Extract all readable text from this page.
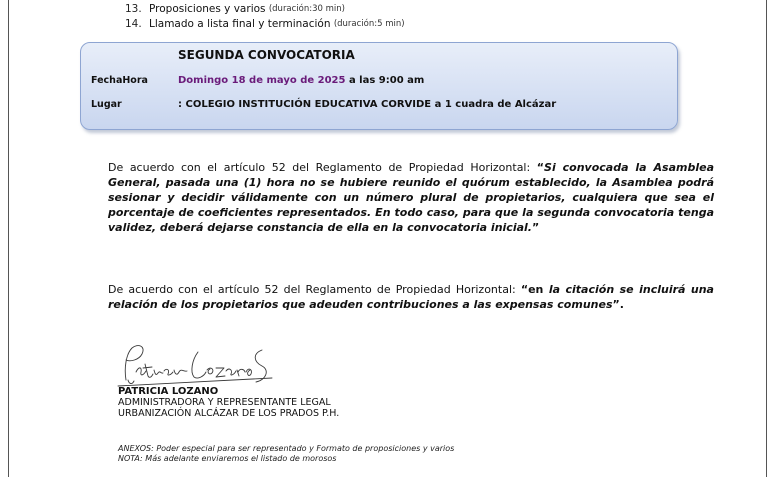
13. Proposiciones y varios
(duración:30 min)
14. Llamado a lista final y terminación
(duración:5 min)
SEGUNDA CONVOCATORIA
FechaHora	Domingo 18 de mayo de 2025 a las 9:00 am
Lugar	: COLEGIO INSTITUCIÓN EDUCATIVA CORVIDE a 1 cuadra de Alcázar
De acuerdo con el artículo 52 del Reglamento de Propiedad Horizontal: “Si convocada la Asamblea General, pasada una (1) hora no se hubiere reunido el quórum establecido, la Asamblea podrá sesionar y decidir válidamente con un número plural de propietarios, cualquiera que sea el porcentaje de coeficientes representados. En todo caso, para que la segunda convocatoria tenga validez, deberá dejarse constancia de ella en la convocatoria inicial.”
De acuerdo con el artículo 52 del Reglamento de Propiedad Horizontal: “en la citación se incluirá una relación de los propietarios que adeuden contribuciones a las expensas comunes”.
PATRICIA LOZANO
ADMINISTRADORA Y REPRESENTANTE LEGAL
URBANIZACIÓN ALCÁZAR DE LOS PRADOS P.H.
ANEXOS: Poder especial para ser representado y Formato de proposiciones y varios
NOTA: Más adelante enviaremos el listado de morosos
